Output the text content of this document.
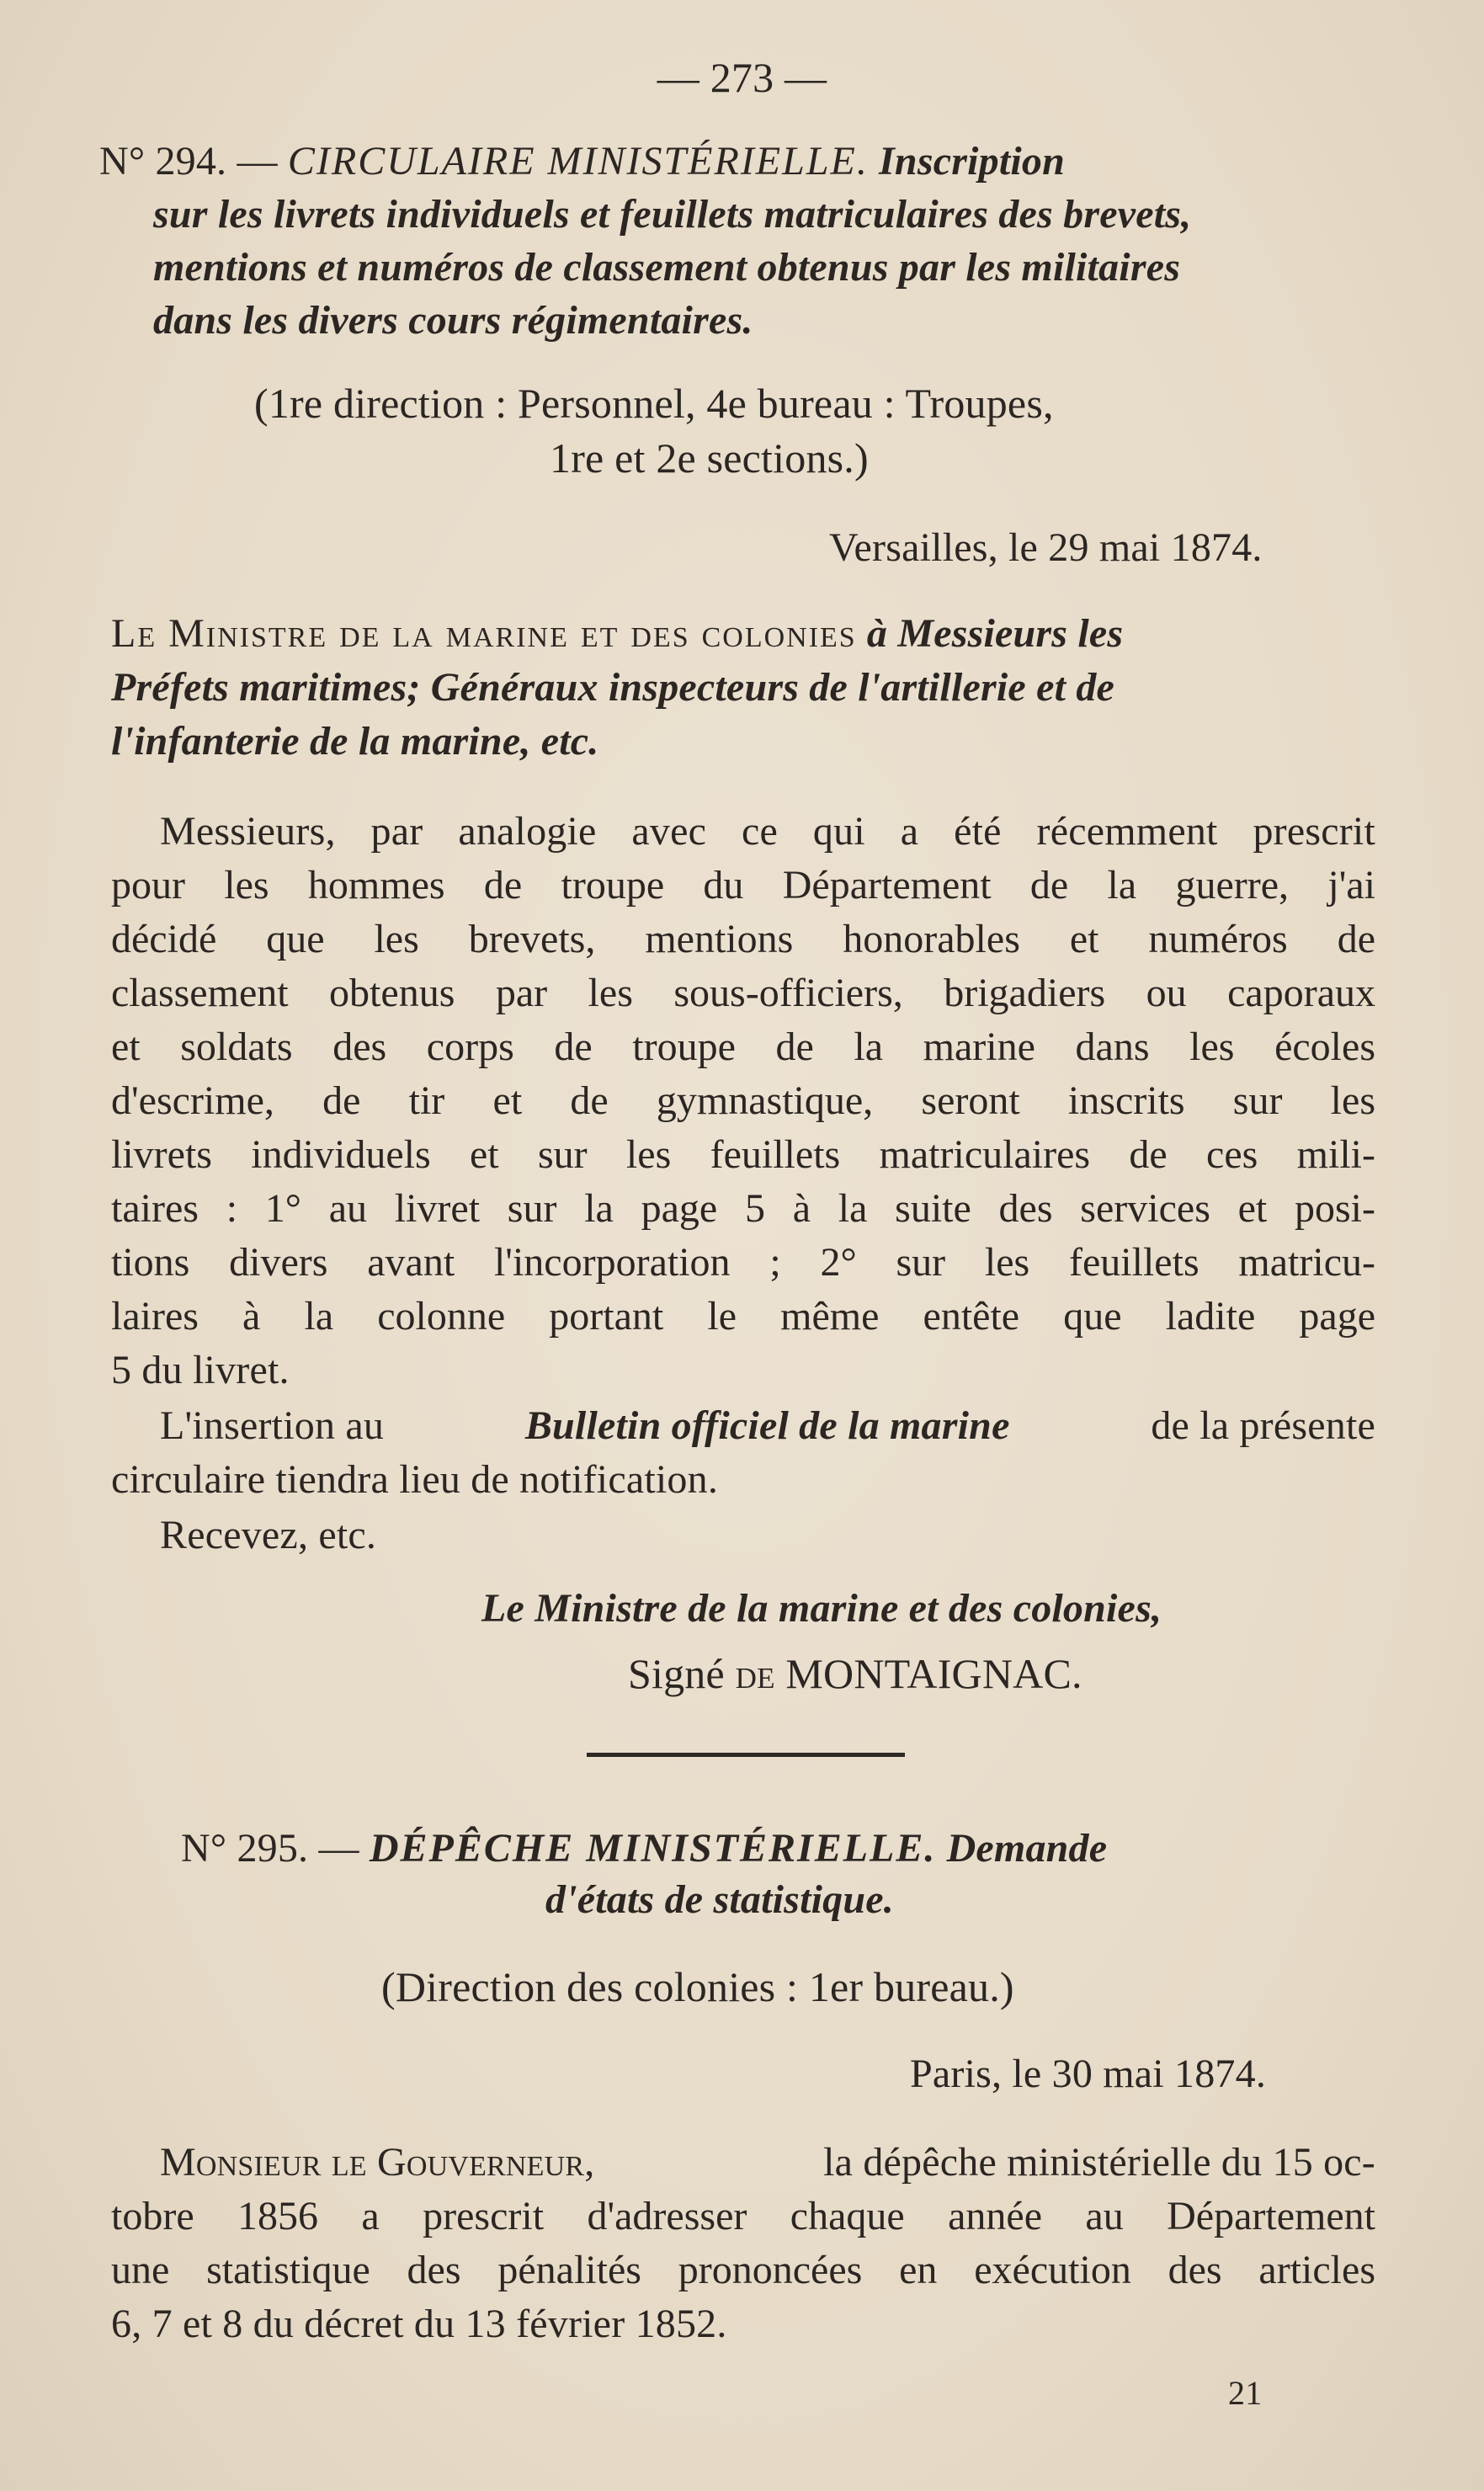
— 273 —
N° 294. — CIRCULAIRE MINISTÉRIELLE. Inscription
sur les livrets individuels et feuillets matriculaires des brevets,
mentions et numéros de classement obtenus par les militaires
dans les divers cours régimentaires.
(1re direction : Personnel, 4e bureau : Troupes,
1re et 2e sections.)
Versailles, le 29 mai 1874.
Le Ministre de la marine et des colonies à Messieurs les
Préfets maritimes; Généraux inspecteurs de l'artillerie et de
l'infanterie de la marine, etc.
Messieurs, par analogie avec ce qui a été récemment prescrit
pour les hommes de troupe du Département de la guerre, j'ai
décidé que les brevets, mentions honorables et numéros de
classement obtenus par les sous-officiers, brigadiers ou caporaux
et soldats des corps de troupe de la marine dans les écoles
d'escrime, de tir et de gymnastique, seront inscrits sur les
livrets individuels et sur les feuillets matriculaires de ces mili-
taires : 1° au livret sur la page 5 à la suite des services et posi-
tions divers avant l'incorporation ; 2° sur les feuillets matricu-
laires à la colonne portant le même entête que ladite page
5 du livret.
L'insertion au	Bulletin officiel de la marine	de la présente
circulaire tiendra lieu de notification.
Recevez, etc.
Le Ministre de la marine et des colonies,
Signé de MONTAIGNAC.
N° 295. — DÉPÊCHE MINISTÉRIELLE. Demande
d'états de statistique.
(Direction des colonies : 1er bureau.)
Paris, le 30 mai 1874.
Monsieur le Gouverneur,	la dépêche ministérielle du 15 oc-
tobre 1856 a prescrit d'adresser chaque année au Département
une statistique des pénalités prononcées en exécution des articles
6, 7 et 8 du décret du 13 février 1852.
21
